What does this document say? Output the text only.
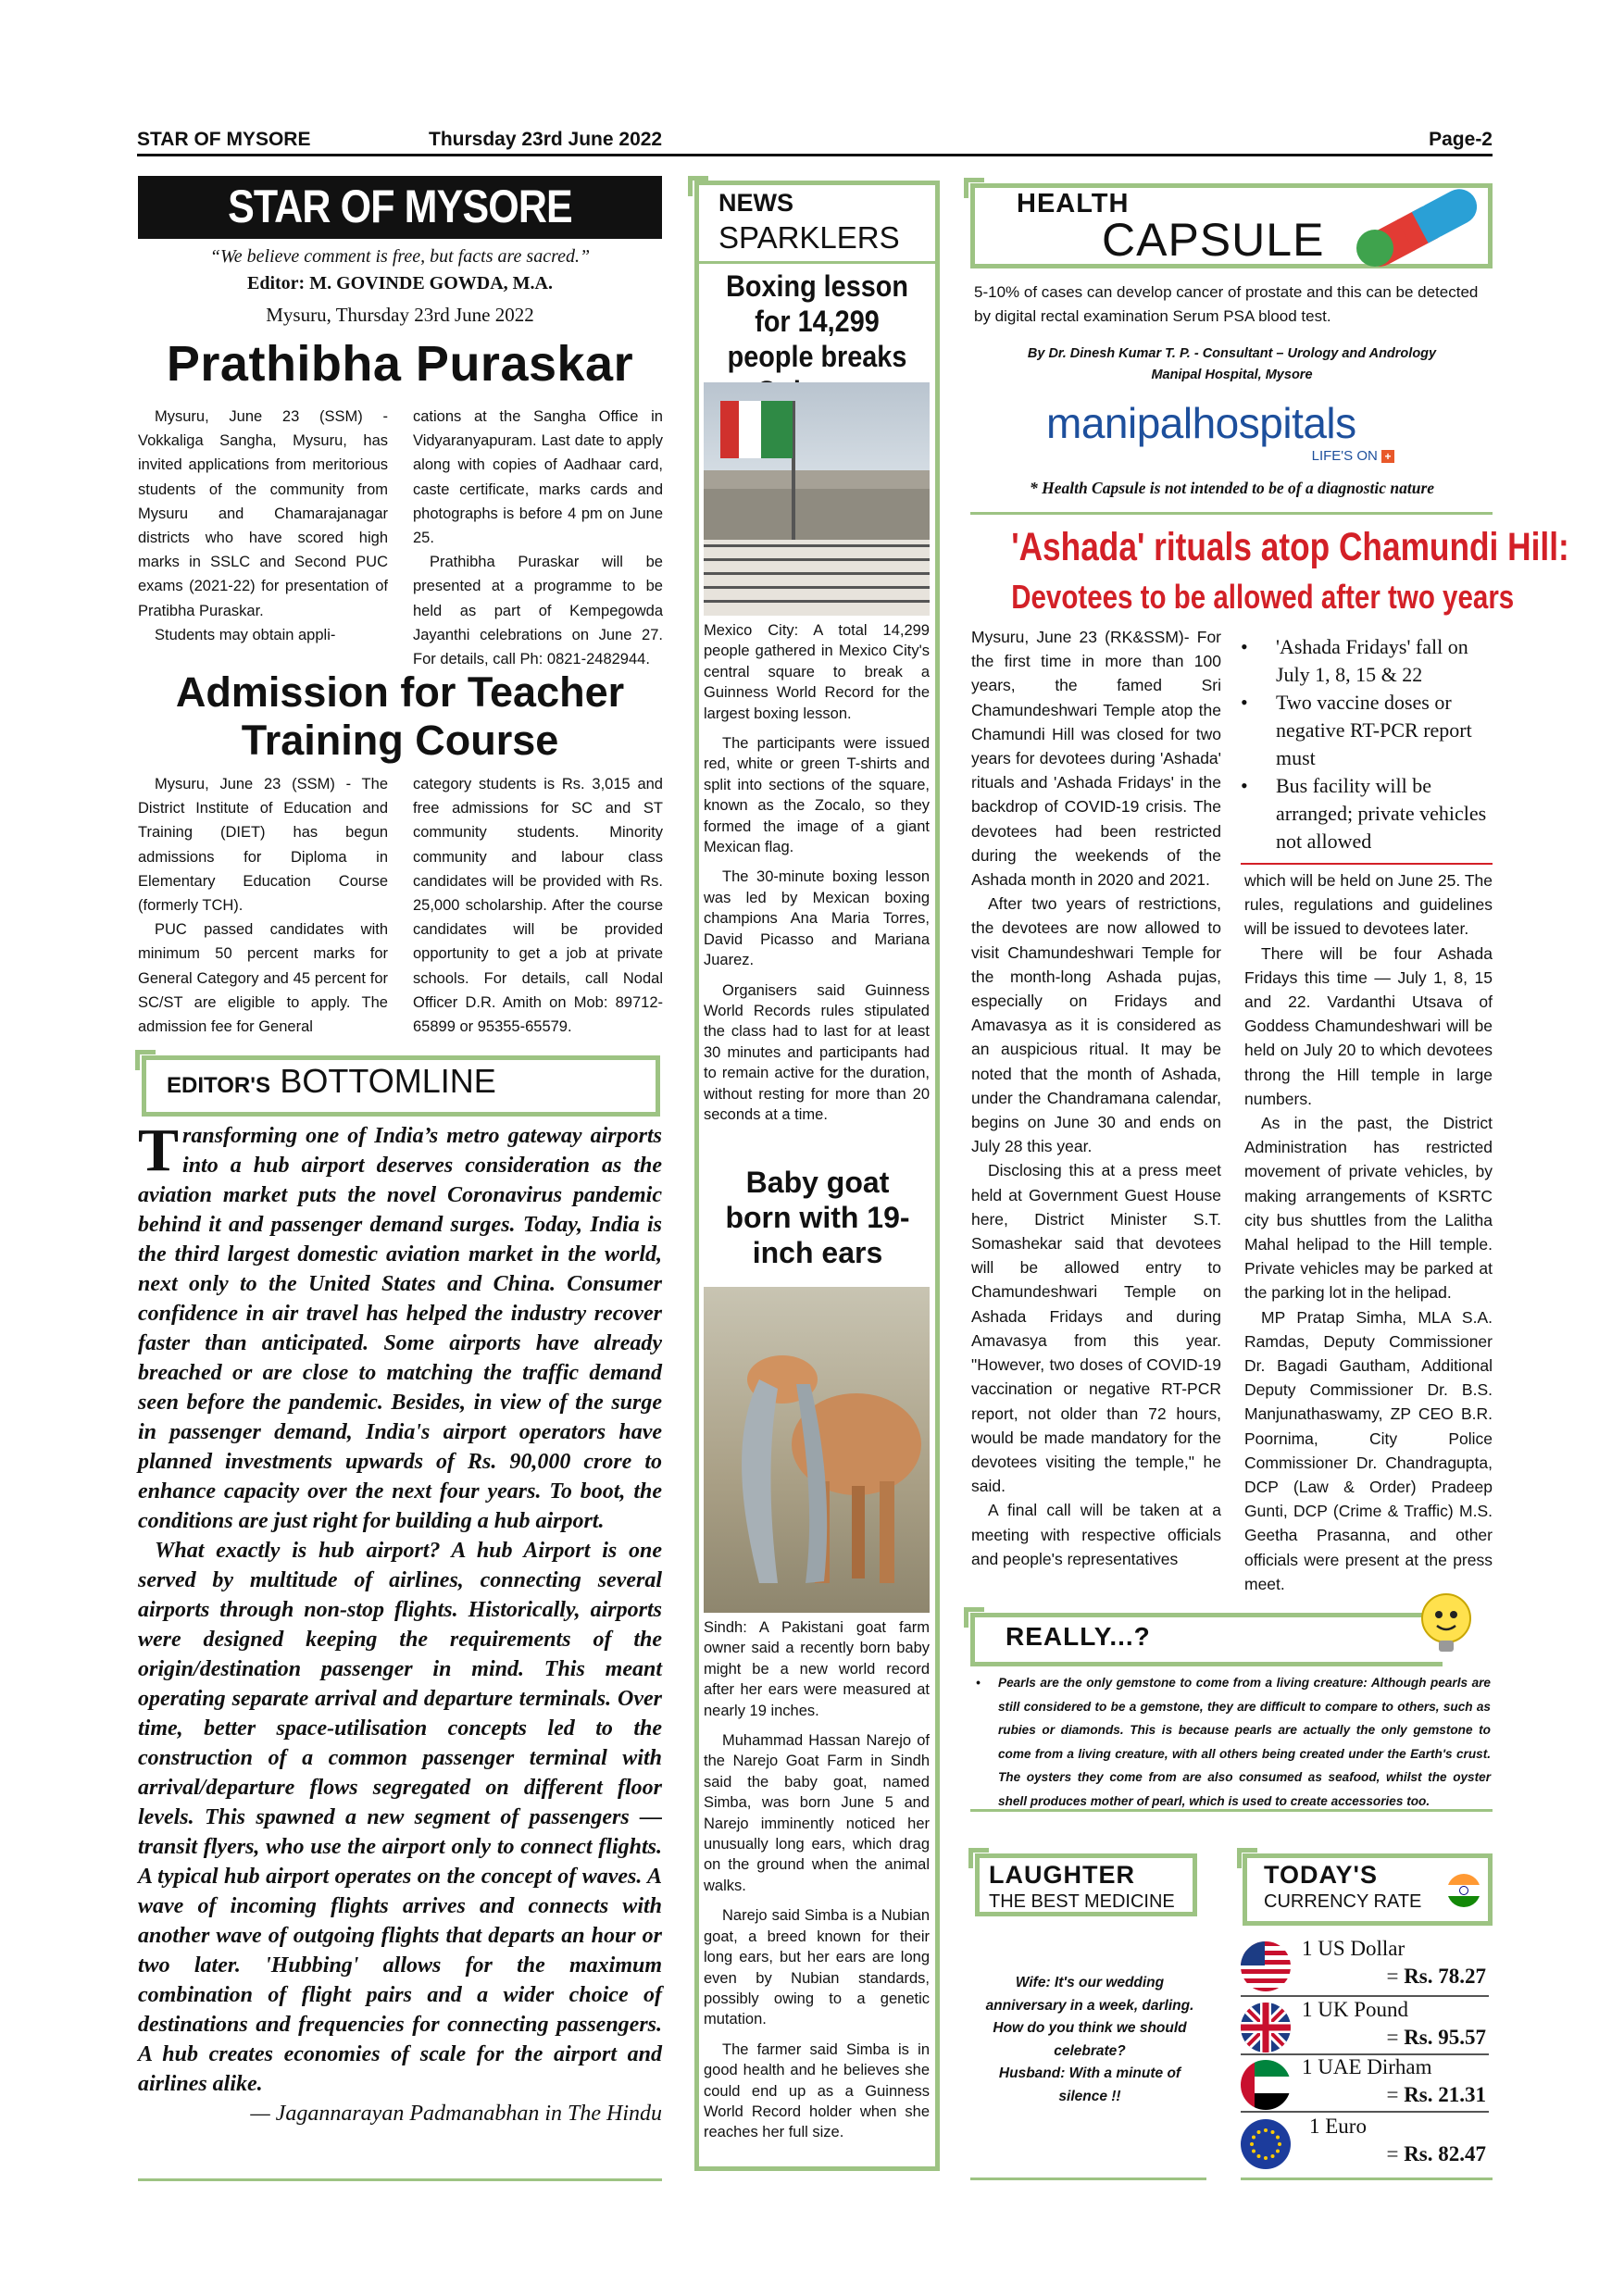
STAR OF MYSORE	Thursday 23rd June 2022	Page-2
STAR OF MYSORE
“We believe comment is free, but facts are sacred.”
Editor: M. GOVINDE GOWDA, M.A.
Mysuru, Thursday 23rd June 2022
Prathibha Puraskar

Mysuru, June 23 (SSM) - Vokkaliga Sangha, Mysuru, has invited applications from meritorious students of the community from Mysuru and Chamarajanagar districts who have scored high marks in SSLC and Second PUC exams (2021-22) for presentation of Pratibha Puraskar.

Students may obtain appli-

cations at the Sangha Office in Vidyaranyapuram. Last date to apply along with copies of Aadhaar card, caste certificate, marks cards and photographs is before 4 pm on June 25.

Prathibha Puraskar will be presented at a programme to be held as part of Kempegowda Jayanthi celebrations on June 27. For details, call Ph: 0821-2482944.

Admission for Teacher
Training Course

Mysuru, June 23 (SSM) - The District Institute of Education and Training (DIET) has begun admissions for Diploma in Elementary Education Course (formerly TCH).

PUC passed candidates with minimum 50 percent marks for General Category and 45 percent for SC/ST are eligible to apply. The admission fee for General

category students is Rs. 3,015 and free admissions for SC and ST community students. Minority community and labour class candidates will be provided with Rs. 25,000 scholarship. After the course candidates will be provided opportunity to get a job at private schools. For details, call Nodal Officer D.R. Amith on Mob: 89712-65899 or 95355-65579.

EDITOR'S BOTTOMLINE

Transforming one of India’s metro gateway airports into a hub airport deserves consideration as the aviation market puts the novel Coronavirus pandemic behind it and passenger demand surges. Today, India is the third largest domestic aviation market in the world, next only to the United States and China. Consumer confidence in air travel has helped the industry recover faster than anticipated. Some airports have already breached or are close to matching the traffic demand seen before the pandemic. Besides, in view of the surge in passenger demand, India's airport operators have planned investments upwards of Rs. 90,000 crore to enhance capacity over the next four years. To boot, the conditions are just right for building a hub airport.

What exactly is hub airport? A hub Airport is one served by multitude of airlines, connecting several airports through non-stop flights. Historically, airports were designed keeping the requirements of the origin/destination passenger in mind. This meant operating separate arrival and departure terminals. Over time, better space-utilisation concepts led to the construction of a common passenger terminal with arrival/departure flows segregated on different floor levels. This spawned a new segment of passengers — transit flyers, who use the airport only to connect flights. A typical hub airport operates on the concept of waves. A wave of incoming flights arrives and connects with another wave of outgoing flights that departs an hour or two later. 'Hubbing' allows for the maximum combination of flight pairs and a wider choice of destinations and frequencies for connecting passengers. A hub creates economies of scale for the airport and airlines alike.

— Jagannarayan Padmanabhan in The Hindu

NEWS
SPARKLERS
Boxing lesson for 14,299 people breaks

Mexico City: A total 14,299 people gathered in Mexico City's central square to break a Guinness World Record for the largest boxing lesson.

The participants were issued red, white or green T-shirts and split into sections of the square, known as the Zocalo, so they formed the image of a giant Mexican flag.

The 30-minute boxing lesson was led by Mexican boxing champions Ana Maria Torres, David Picasso and Mariana Juarez.

Organisers said Guinness World Records rules stipulated the class had to last for at least 30 minutes and participants had to remain active for the duration, without resting for more than 20 seconds at a time.

Baby goat born with 19-inch ears

Sindh: A Pakistani goat farm owner said a recently born baby might be a new world record after her ears were measured at nearly 19 inches.

Muhammad Hassan Narejo of the Narejo Goat Farm in Sindh said the baby goat, named Simba, was born June 5 and Narejo imminently noticed her unusually long ears, which drag on the ground when the animal walks.

Narejo said Simba is a Nubian goat, a breed known for their long ears, but her ears are long even by Nubian standards, possibly owing to a genetic mutation.

The farmer said Simba is in good health and he believes she could end up as a Guinness World Record holder when she reaches her full size.

HEALTH
CAPSULE
5-10% of cases can develop cancer of prostate and this can be detected by digital rectal examination Serum PSA blood test.
By Dr. Dinesh Kumar T. P. - Consultant – Urology and Andrology
Manipal Hospital, Mysore
manipalhospitals
LIFE'S ON +
* Health Capsule is not intended to be of a diagnostic nature
'Ashada' rituals atop Chamundi Hill:
Devotees to be allowed after two years

Mysuru, June 23 (RK&SSM)- For the first time in more than 100 years, the famed Sri Chamundeshwari Temple atop the Chamundi Hill was closed for two years for devotees during 'Ashada' rituals and 'Ashada Fridays' in the backdrop of COVID-19 crisis. The devotees had been restricted during the weekends of the Ashada month in 2020 and 2021.

After two years of restrictions, the devotees are now allowed to visit Chamundeshwari Temple for the month-long Ashada pujas, especially on Fridays and Amavasya as it is considered as an auspicious ritual. It may be noted that the month of Ashada, under the Chandramana calendar, begins on June 30 and ends on July 28 this year.

Disclosing this at a press meet held at Government Guest House here, District Minister S.T. Somashekar said that devotees will be allowed entry to Chamundeshwari Temple on Ashada Fridays and during Amavasya from this year. "However, two doses of COVID-19 vaccination or negative RT-PCR report, not older than 72 hours, would be made mandatory for the devotees visiting the temple," he said.

A final call will be taken at a meeting with respective officials and people's representatives

• 'Ashada Fridays' fall on July 1, 8, 15 & 22
• Two vaccine doses or negative RT-PCR report must
• Bus facility will be arranged; private vehicles not allowed

which will be held on June 25. The rules, regulations and guidelines will be issued to devotees later.

There will be four Ashada Fridays this time — July 1, 8, 15 and 22. Vardanthi Utsava of Goddess Chamundeshwari will be held on July 20 to which devotees throng the Hill temple in large numbers.

As in the past, the District Administration has restricted movement of private vehicles, by making arrangements of KSRTC city bus shuttles from the Lalitha Mahal helipad to the Hill temple. Private vehicles may be parked at the parking lot in the helipad.

MP Pratap Simha, MLA S.A. Ramdas, Deputy Commissioner Dr. Bagadi Gautham, Additional Deputy Commissioner Dr. B.S. Manjunathaswamy, ZP CEO B.R. Poornima, City Police Commissioner Dr. Chandragupta, DCP (Law & Order) Pradeep Gunti, DCP (Crime & Traffic) M.S. Geetha Prasanna, and other officials were present at the press meet.

REALLY...?
• Pearls are the only gemstone to come from a living creature: Although pearls are still considered to be a gemstone, they are difficult to compare to others, such as rubies or diamonds. This is because pearls are actually the only gemstone to come from a living creature, with all others being created under the Earth's crust. The oysters they come from are also consumed as seafood, whilst the oyster shell produces mother of pearl, which is used to create accessories too.
LAUGHTER
THE BEST MEDICINE
Wife: It's our wedding
anniversary in a week, darling.
How do you think we should
celebrate?
Husband: With a minute of
silence !!
TODAY'S
CURRENCY RATE
1 US Dollar
= Rs. 78.27
1 UK Pound
= Rs. 95.57
1 UAE Dirham
= Rs. 21.31
1 Euro
= Rs. 82.47
